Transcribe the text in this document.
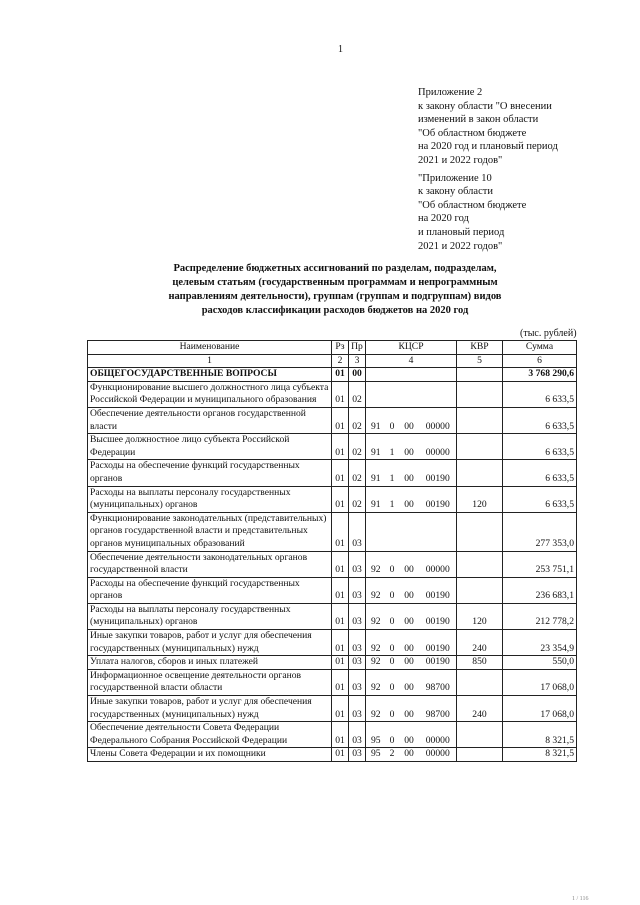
1
Приложение 2
к закону области "О внесении
изменений в закон области
"Об областном бюджете
на 2020 год и плановый период
2021 и 2022 годов"
"Приложение 10
к закону области
"Об областном бюджете
на 2020 год
и плановый период
2021 и 2022 годов"
Распределение бюджетных ассигнований по разделам, подразделам,
целевым статьям (государственным программам и непрограммным
направлениям деятельности), группам (группам и подгруппам) видов
расходов классификации расходов бюджетов на 2020 год
(тыс. рублей)
Наименование	Рз	Пр	КЦСР				КВР	Сумма
1	2	3	4				5	6
ОБЩЕГОСУДАРСТВЕННЫЕ ВОПРОСЫ	01	00						3 768 290,6
Функционирование высшего должностного лица субъекта Российской Федерации и муниципального образования	01	02						6 633,5
Обеспечение деятельности органов государственной власти	01	02	91	0	00	00000		6 633,5
Высшее должностное лицо субъекта Российской Федерации	01	02	91	1	00	00000		6 633,5
Расходы на обеспечение функций государственных органов	01	02	91	1	00	00190		6 633,5
Расходы на выплаты персоналу государственных (муниципальных) органов	01	02	91	1	00	00190	120	6 633,5
Функционирование законодательных (представительных) органов государственной власти и представительных органов муниципальных образований	01	03						277 353,0
Обеспечение деятельности законодательных органов государственной власти	01	03	92	0	00	00000		253 751,1
Расходы на обеспечение функций государственных органов	01	03	92	0	00	00190		236 683,1
Расходы на выплаты персоналу государственных (муниципальных) органов	01	03	92	0	00	00190	120	212 778,2
Иные закупки товаров, работ и услуг для обеспечения государственных (муниципальных) нужд	01	03	92	0	00	00190	240	23 354,9
Уплата налогов, сборов и иных платежей	01	03	92	0	00	00190	850	550,0
Информационное освещение деятельности органов государственной власти области	01	03	92	0	00	98700		17 068,0
Иные закупки товаров, работ и услуг для обеспечения государственных (муниципальных) нужд	01	03	92	0	00	98700	240	17 068,0
Обеспечение деятельности Совета Федерации Федерального Собрания Российской Федерации	01	03	95	0	00	00000		8 321,5
Члены Совета Федерации и их помощники	01	03	95	2	00	00000		8 321,5
1 / 116
